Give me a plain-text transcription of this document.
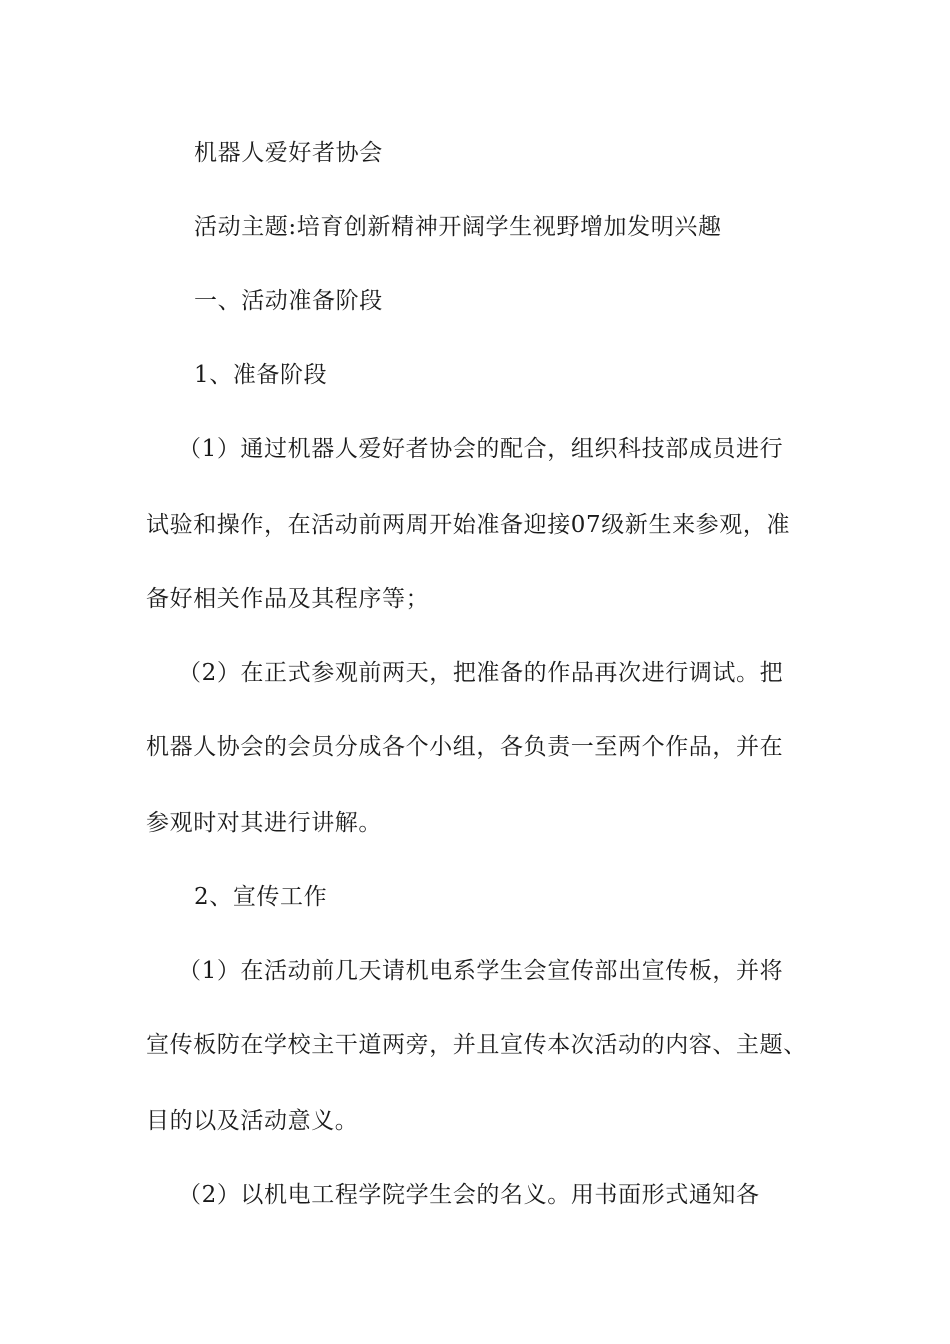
机器人爱好者协会
活动主题:培育创新精神开阔学生视野增加发明兴趣
一、活动准备阶段
1、准备阶段
（1）通过机器人爱好者协会的配合，组织科技部成员进行
试验和操作，在活动前两周开始准备迎接07级新生来参观，准
备好相关作品及其程序等；
（2）在正式参观前两天，把准备的作品再次进行调试。把
机器人协会的会员分成各个小组，各负责一至两个作品，并在
参观时对其进行讲解。
2、宣传工作
（1）在活动前几天请机电系学生会宣传部出宣传板，并将
宣传板防在学校主干道两旁，并且宣传本次活动的内容、主题、
目的以及活动意义。
（2）以机电工程学院学生会的名义。用书面形式通知各
